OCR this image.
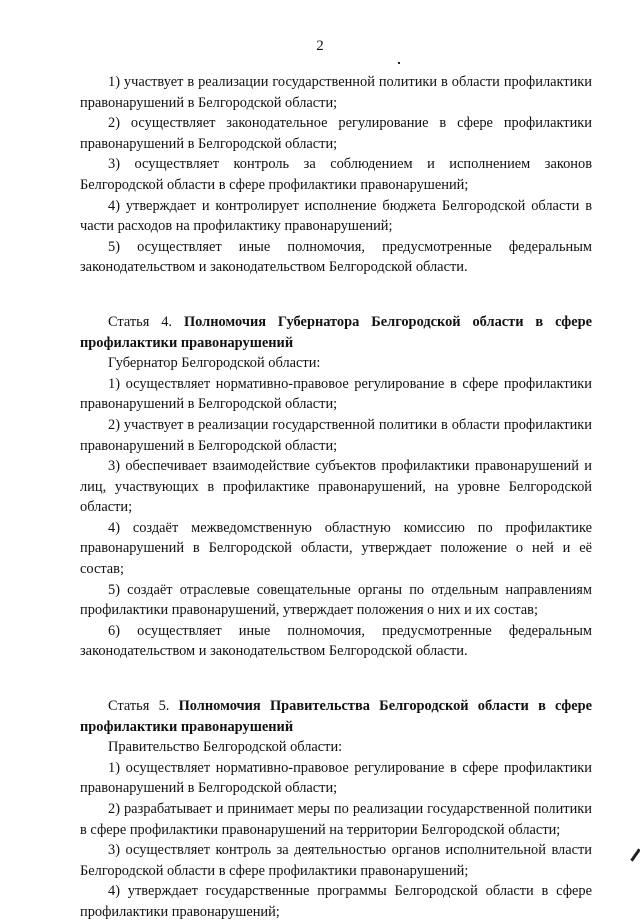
2

1) участвует в реализации государственной политики в области профилактики правонарушений в Белгородской области;

2) осуществляет законодательное регулирование в сфере профилактики правонарушений в Белгородской области;

3) осуществляет контроль за соблюдением и исполнением законов Белгородской области в сфере профилактики правонарушений;

4) утверждает и контролирует исполнение бюджета Белгородской области в части расходов на профилактику правонарушений;

5) осуществляет иные полномочия, предусмотренные федеральным законодательством и законодательством Белгородской области.

Статья 4. Полномочия Губернатора Белгородской области в сфере профилактики правонарушений

Губернатор Белгородской области:

1) осуществляет нормативно-правовое регулирование в сфере профилактики правонарушений в Белгородской области;

2) участвует в реализации государственной политики в области профилактики правонарушений в Белгородской области;

3) обеспечивает взаимодействие субъектов профилактики правонарушений и лиц, участвующих в профилактике правонарушений, на уровне Белгородской области;

4) создаёт межведомственную областную комиссию по профилактике правонарушений в Белгородской области, утверждает положение о ней и её состав;

5) создаёт отраслевые совещательные органы по отдельным направлениям профилактики правонарушений, утверждает положения о них и их состав;

6) осуществляет иные полномочия, предусмотренные федеральным законодательством и законодательством Белгородской области.

Статья 5. Полномочия Правительства Белгородской области в сфере профилактики правонарушений

Правительство Белгородской области:

1) осуществляет нормативно-правовое регулирование в сфере профилактики правонарушений в Белгородской области;

2) разрабатывает и принимает меры по реализации государственной политики в сфере профилактики правонарушений на территории Белгородской области;

3) осуществляет контроль за деятельностью органов исполнительной власти Белгородской области в сфере профилактики правонарушений;

4) утверждает государственные программы Белгородской области в сфере профилактики правонарушений;
